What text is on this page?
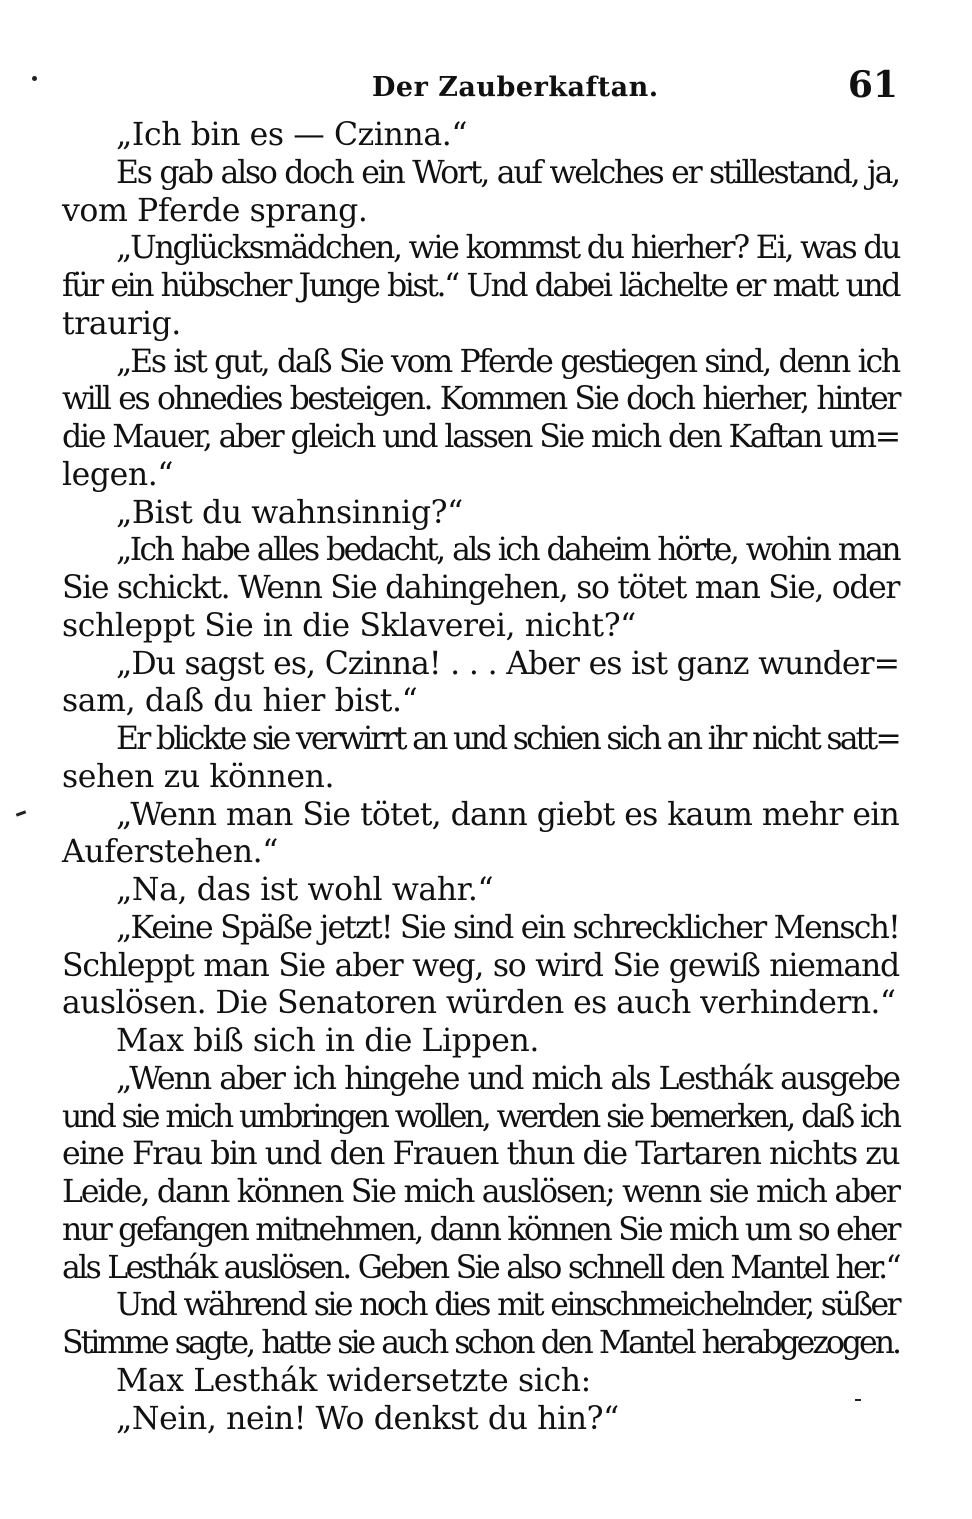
Der Zauberkaftan.	61
„Ich bin es — Czinna.“
Es gab also doch ein Wort, auf welches er stillestand, ja,
vom Pferde sprang.
„Unglücksmädchen, wie kommst du hierher? Ei, was du
für ein hübscher Junge bist.“ Und dabei lächelte er matt und
traurig.
„Es ist gut, daß Sie vom Pferde gestiegen sind, denn ich
will es ohnedies besteigen. Kommen Sie doch hierher, hinter
die Mauer, aber gleich und lassen Sie mich den Kaftan um=
legen.“
„Bist du wahnsinnig?“
„Ich habe alles bedacht, als ich daheim hörte, wohin man
Sie schickt. Wenn Sie dahingehen, so tötet man Sie, oder
schleppt Sie in die Sklaverei, nicht?“
„Du sagst es, Czinna! . . . Aber es ist ganz wunder=
sam, daß du hier bist.“
Er blickte sie verwirrt an und schien sich an ihr nicht satt=
sehen zu können.
„Wenn man Sie tötet, dann giebt es kaum mehr ein
Auferstehen.“
„Na, das ist wohl wahr.“
„Keine Späße jetzt! Sie sind ein schrecklicher Mensch!
Schleppt man Sie aber weg, so wird Sie gewiß niemand
auslösen. Die Senatoren würden es auch verhindern.“
Max biß sich in die Lippen.
„Wenn aber ich hingehe und mich als Lesthák ausgebe
und sie mich umbringen wollen, werden sie bemerken, daß ich
eine Frau bin und den Frauen thun die Tartaren nichts zu
Leide, dann können Sie mich auslösen; wenn sie mich aber
nur gefangen mitnehmen, dann können Sie mich um so eher
als Lesthák auslösen. Geben Sie also schnell den Mantel her.“
Und während sie noch dies mit einschmeichelnder, süßer
Stimme sagte, hatte sie auch schon den Mantel herabgezogen.
Max Lesthák widersetzte sich:
„Nein, nein! Wo denkst du hin?“
